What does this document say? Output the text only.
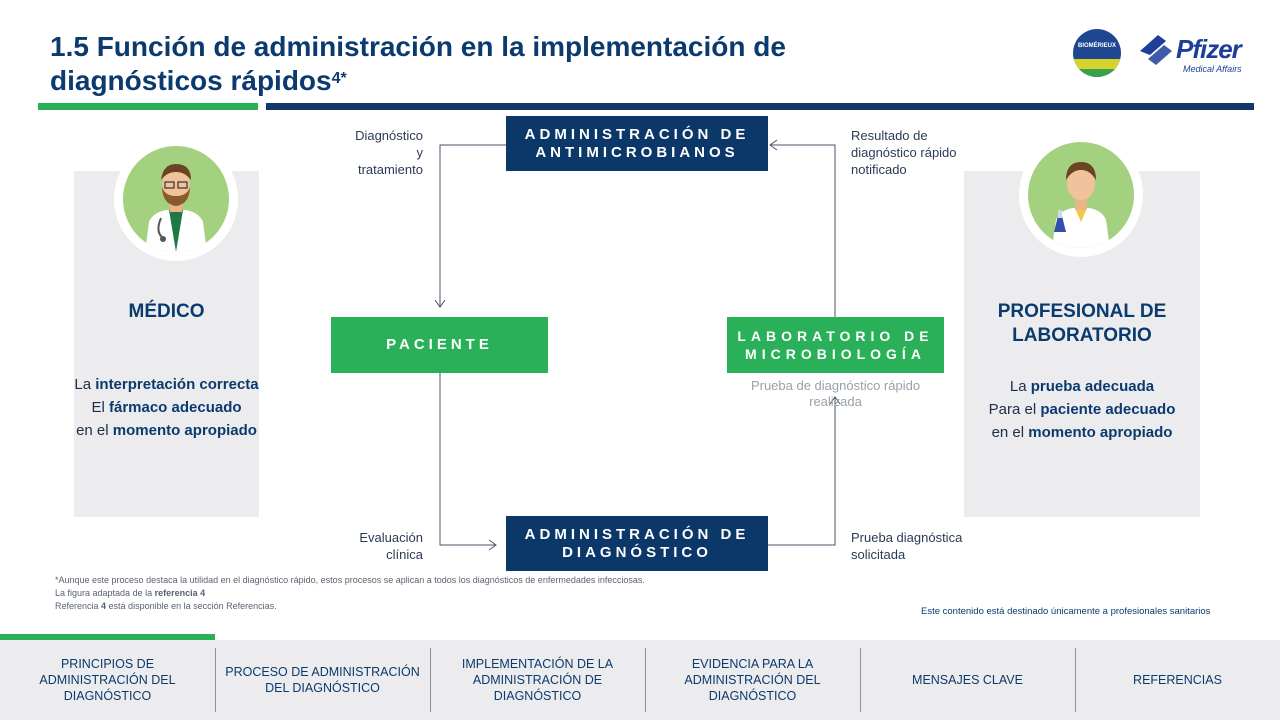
1.5 Función de administración en la implementación de diagnósticos rápidos$^{4*}$
BIOMÉRIEUX Pfizer
Medical Affairs
MÉDICO	PROFESIONAL DE LABORATORIO
La interpretación correcta
El fármaco adecuado
en el momento apropiado
La prueba adecuada
Para el paciente adecuado
en el momento apropiado
ADMINISTRACIÓN DE ANTIMICROBIANOS
PACIENTE	LABORATORIO DE MICROBIOLOGÍA
ADMINISTRACIÓN DE DIAGNÓSTICO
Prueba de diagnóstico rápido realizada
Diagnóstico
y
tratamiento
Resultado de
diagnóstico rápido
notificado
Evaluación
clínica
Prueba diagnóstica
solicitada
*Aunque este proceso destaca la utilidad en el diagnóstico rápido, estos procesos se aplican a todos los diagnósticos de enfermedades infecciosas.
La figura adaptada de la referencia 4
Referencia 4 está disponible en la sección Referencias.	Este contenido está destinado únicamente a profesionales sanitarios
PRINCIPIOS DE ADMINISTRACIÓN DEL DIAGNÓSTICO
PROCESO DE ADMINISTRACIÓN DEL DIAGNÓSTICO
IMPLEMENTACIÓN DE LA ADMINISTRACIÓN DE DIAGNÓSTICO
EVIDENCIA PARA LA ADMINISTRACIÓN DEL DIAGNÓSTICO
MENSAJES CLAVE	REFERENCIAS
